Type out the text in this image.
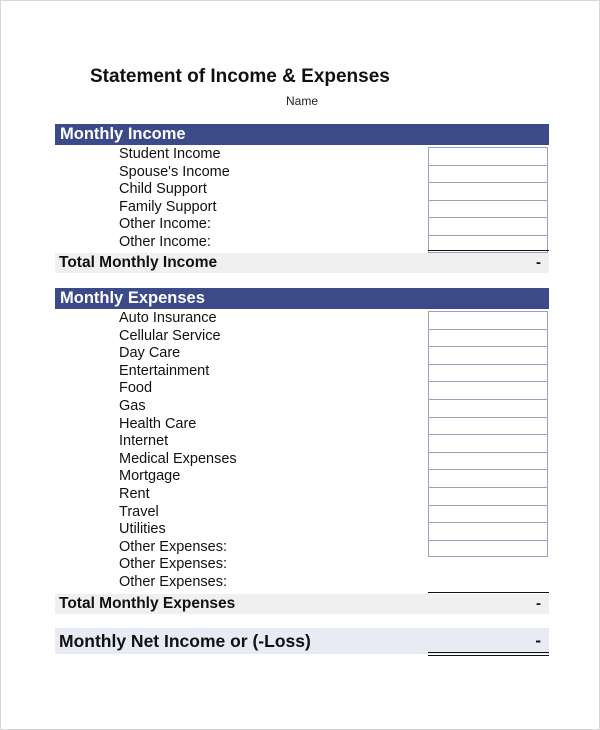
Statement of Income & Expenses
Name
Monthly Income
Student Income
Spouse's Income
Child Support
Family Support
Other Income:
Other Income:
Total Monthly Income	-
Monthly Expenses
Auto Insurance
Cellular Service
Day Care
Entertainment
Food
Gas
Health Care
Internet
Medical Expenses
Mortgage
Rent
Travel
Utilities
Other Expenses:
Other Expenses:
Other Expenses:
Total Monthly Expenses	-
Monthly Net Income or (-Loss)	-
